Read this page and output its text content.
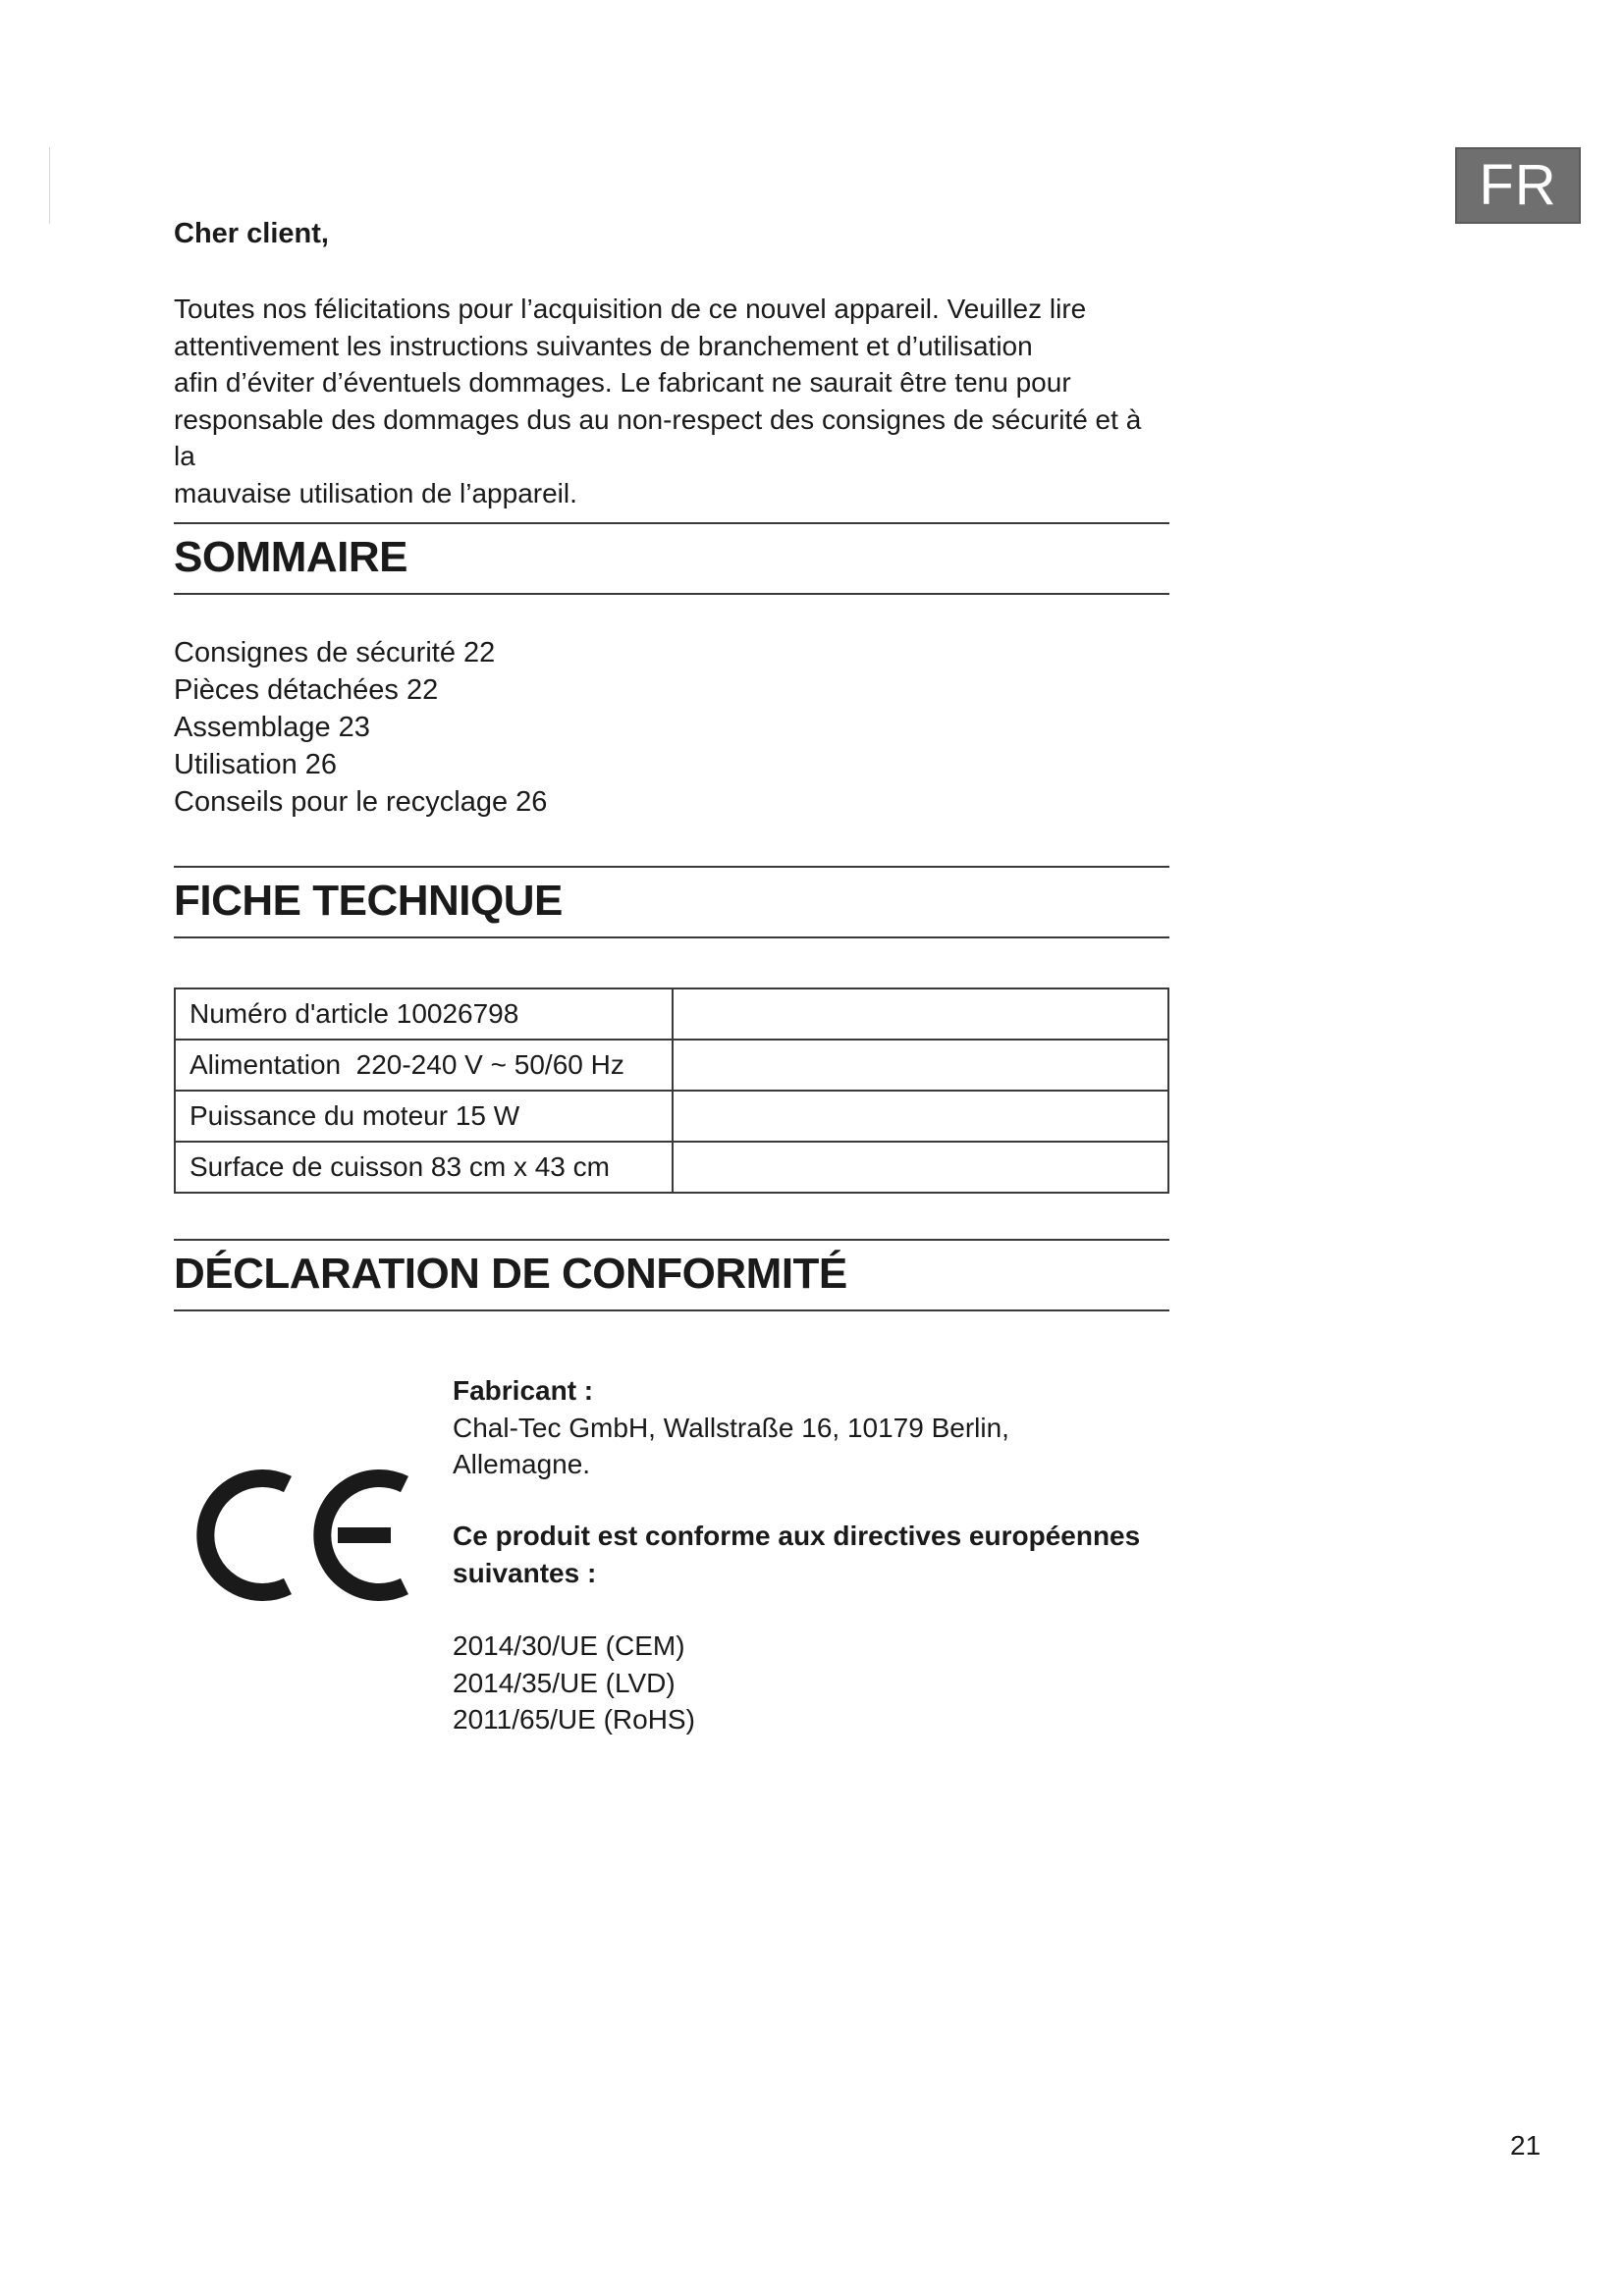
FR
Cher client,
Toutes nos félicitations pour l’acquisition de ce nouvel appareil. Veuillez lire
attentivement les instructions suivantes de branchement et d’utilisation
afin d’éviter d’éventuels dommages. Le fabricant ne saurait être tenu pour
responsable des dommages dus au non-respect des consignes de sécurité et à la
mauvaise utilisation de l’appareil.
SOMMAIRE
Consignes de sécurité 22
Pièces détachées 22
Assemblage 23
Utilisation 26
Conseils pour le recyclage 26
FICHE TECHNIQUE
Numéro d'article 10026798	
Alimentation  220-240 V ~ 50/60 Hz	
Puissance du moteur 15 W	
Surface de cuisson 83 cm x 43 cm	
DÉCLARATION DE CONFORMITÉ

Fabricant :

Chal-Tec GmbH, Wallstraße 16, 10179 Berlin,

Allemagne.

Ce produit est conforme aux directives européennes
suivantes :
2014/30/UE (CEM)
2014/35/UE (LVD)
2011/65/UE (RoHS)
21
